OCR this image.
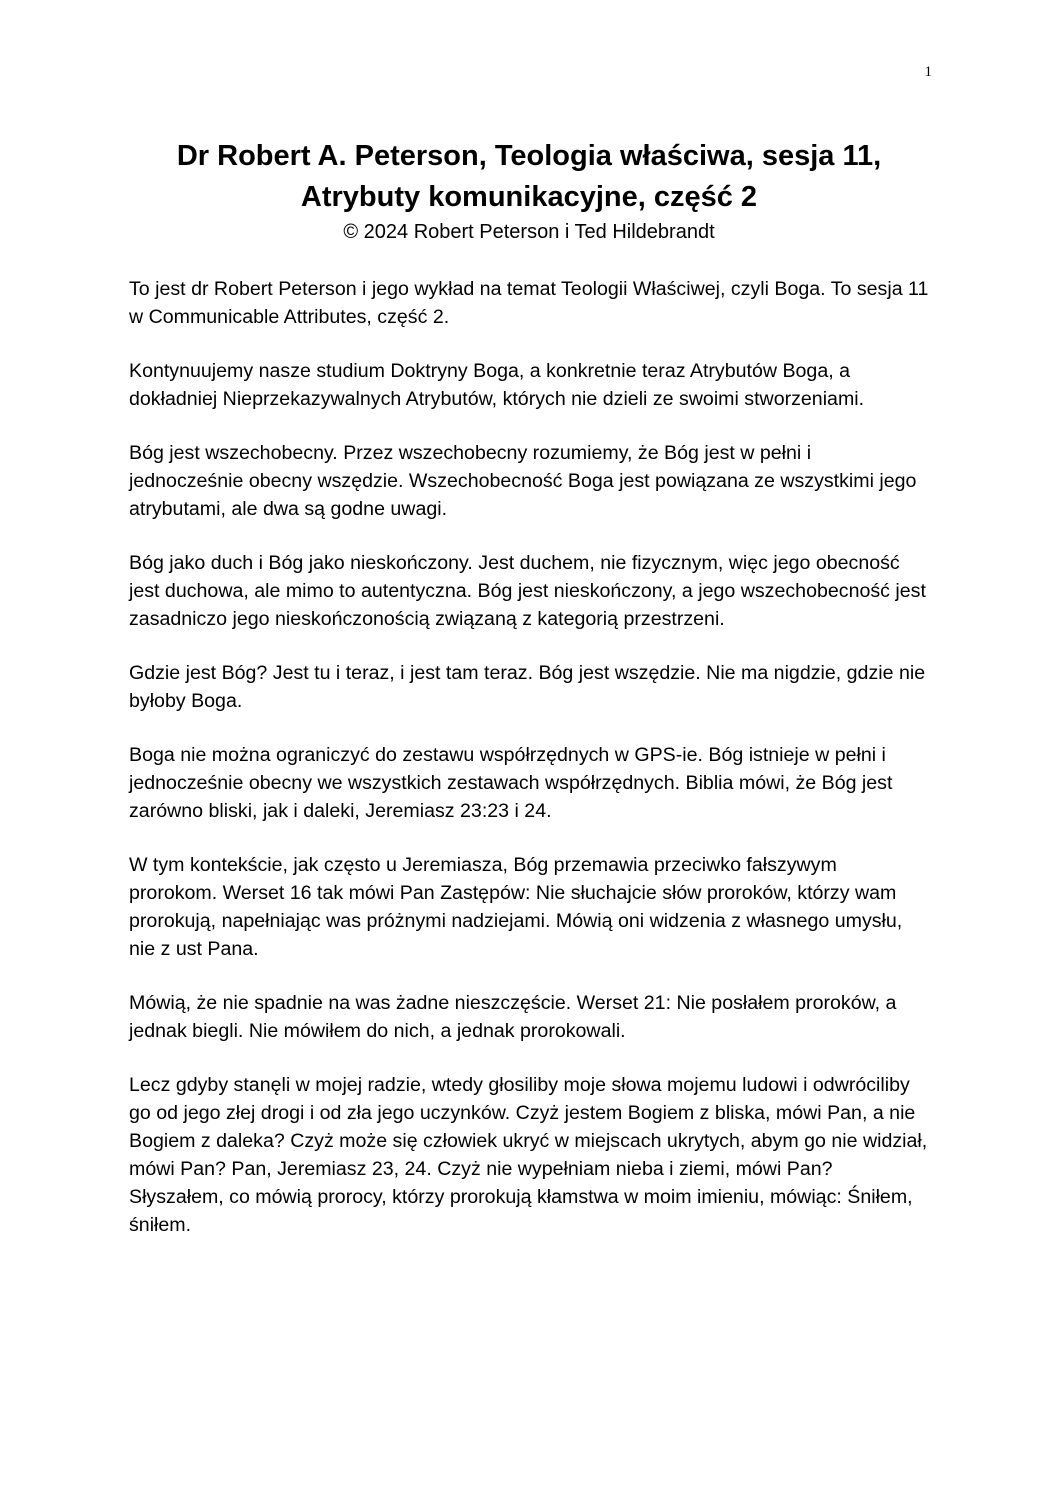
1
Dr Robert A. Peterson, Teologia właściwa, sesja 11,
Atrybuty komunikacyjne, część 2

© 2024 Robert Peterson i Ted Hildebrandt

To jest dr Robert Peterson i jego wykład na temat Teologii Właściwej, czyli Boga. To sesja 11 w Communicable Attributes, część 2.

Kontynuujemy nasze studium Doktryny Boga, a konkretnie teraz Atrybutów Boga, a dokładniej Nieprzekazywalnych Atrybutów, których nie dzieli ze swoimi stworzeniami.

Bóg jest wszechobecny. Przez wszechobecny rozumiemy, że Bóg jest w pełni i jednocześnie obecny wszędzie. Wszechobecność Boga jest powiązana ze wszystkimi jego atrybutami, ale dwa są godne uwagi.

Bóg jako duch i Bóg jako nieskończony. Jest duchem, nie fizycznym, więc jego obecność jest duchowa, ale mimo to autentyczna. Bóg jest nieskończony, a jego wszechobecność jest zasadniczo jego nieskończonością związaną z kategorią przestrzeni.

Gdzie jest Bóg? Jest tu i teraz, i jest tam teraz. Bóg jest wszędzie. Nie ma nigdzie, gdzie nie byłoby Boga.

Boga nie można ograniczyć do zestawu współrzędnych w GPS-ie. Bóg istnieje w pełni i jednocześnie obecny we wszystkich zestawach współrzędnych. Biblia mówi, że Bóg jest zarówno bliski, jak i daleki, Jeremiasz 23:23 i 24.

W tym kontekście, jak często u Jeremiasza, Bóg przemawia przeciwko fałszywym prorokom. Werset 16 tak mówi Pan Zastępów: Nie słuchajcie słów proroków, którzy wam prorokują, napełniając was próżnymi nadziejami. Mówią oni widzenia z własnego umysłu, nie z ust Pana.

Mówią, że nie spadnie na was żadne nieszczęście. Werset 21: Nie posłałem proroków, a jednak biegli. Nie mówiłem do nich, a jednak prorokowali.

Lecz gdyby stanęli w mojej radzie, wtedy głosiliby moje słowa mojemu ludowi i odwróciliby go od jego złej drogi i od zła jego uczynków. Czyż jestem Bogiem z bliska, mówi Pan, a nie Bogiem z daleka? Czyż może się człowiek ukryć w miejscach ukrytych, abym go nie widział, mówi Pan? Pan, Jeremiasz 23, 24. Czyż nie wypełniam nieba i ziemi, mówi Pan? Słyszałem, co mówią prorocy, którzy prorokują kłamstwa w moim imieniu, mówiąc: Śniłem, śniłem.
